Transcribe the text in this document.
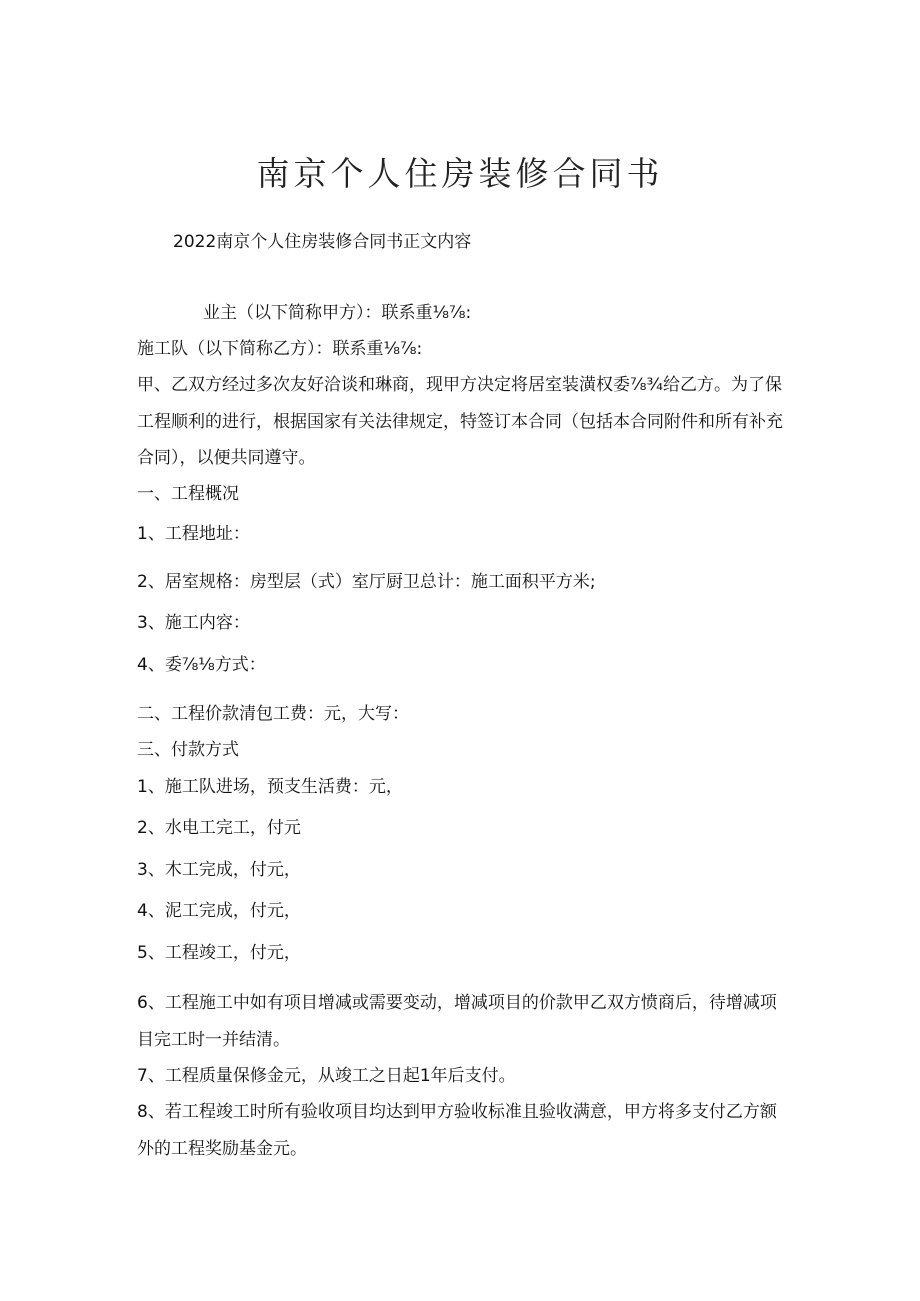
南京个人住房装修合同书
2022南京个人住房装修合同书正文内容
业主（以下简称甲方）：联系重⅛⅞:
施工队（以下简称乙方）：联系重⅛⅞:
甲、乙双方经过多次友好洽谈和琳商，现甲方决定将居室装潢权委⅞¾给乙方。为了保
工程顺利的进行，根据国家有关法律规定，特签订本合同（包括本合同附件和所有补充
合同），以便共同遵守。
一、工程概况
1、工程地址：
2、居室规格：房型层（式）室厅厨卫总计：施工面积平方米;
3、施工内容：
4、委⅞⅛方式：
二、工程价款清包工费：元，大写：
三、付款方式
1、施工队进场，预支生活费：元，
2、水电工完工，付元
3、木工完成，付元，
4、泥工完成，付元，
5、工程竣工，付元，
6、工程施工中如有项目增减或需要变动，增减项目的价款甲乙双方愤商后，待增减项
目完工时一并结清。
7、工程质量保修金元，从竣工之日起1年后支付。
8、若工程竣工时所有验收项目均达到甲方验收标准且验收满意，甲方将多支付乙方额
外的工程奖励基金元。
